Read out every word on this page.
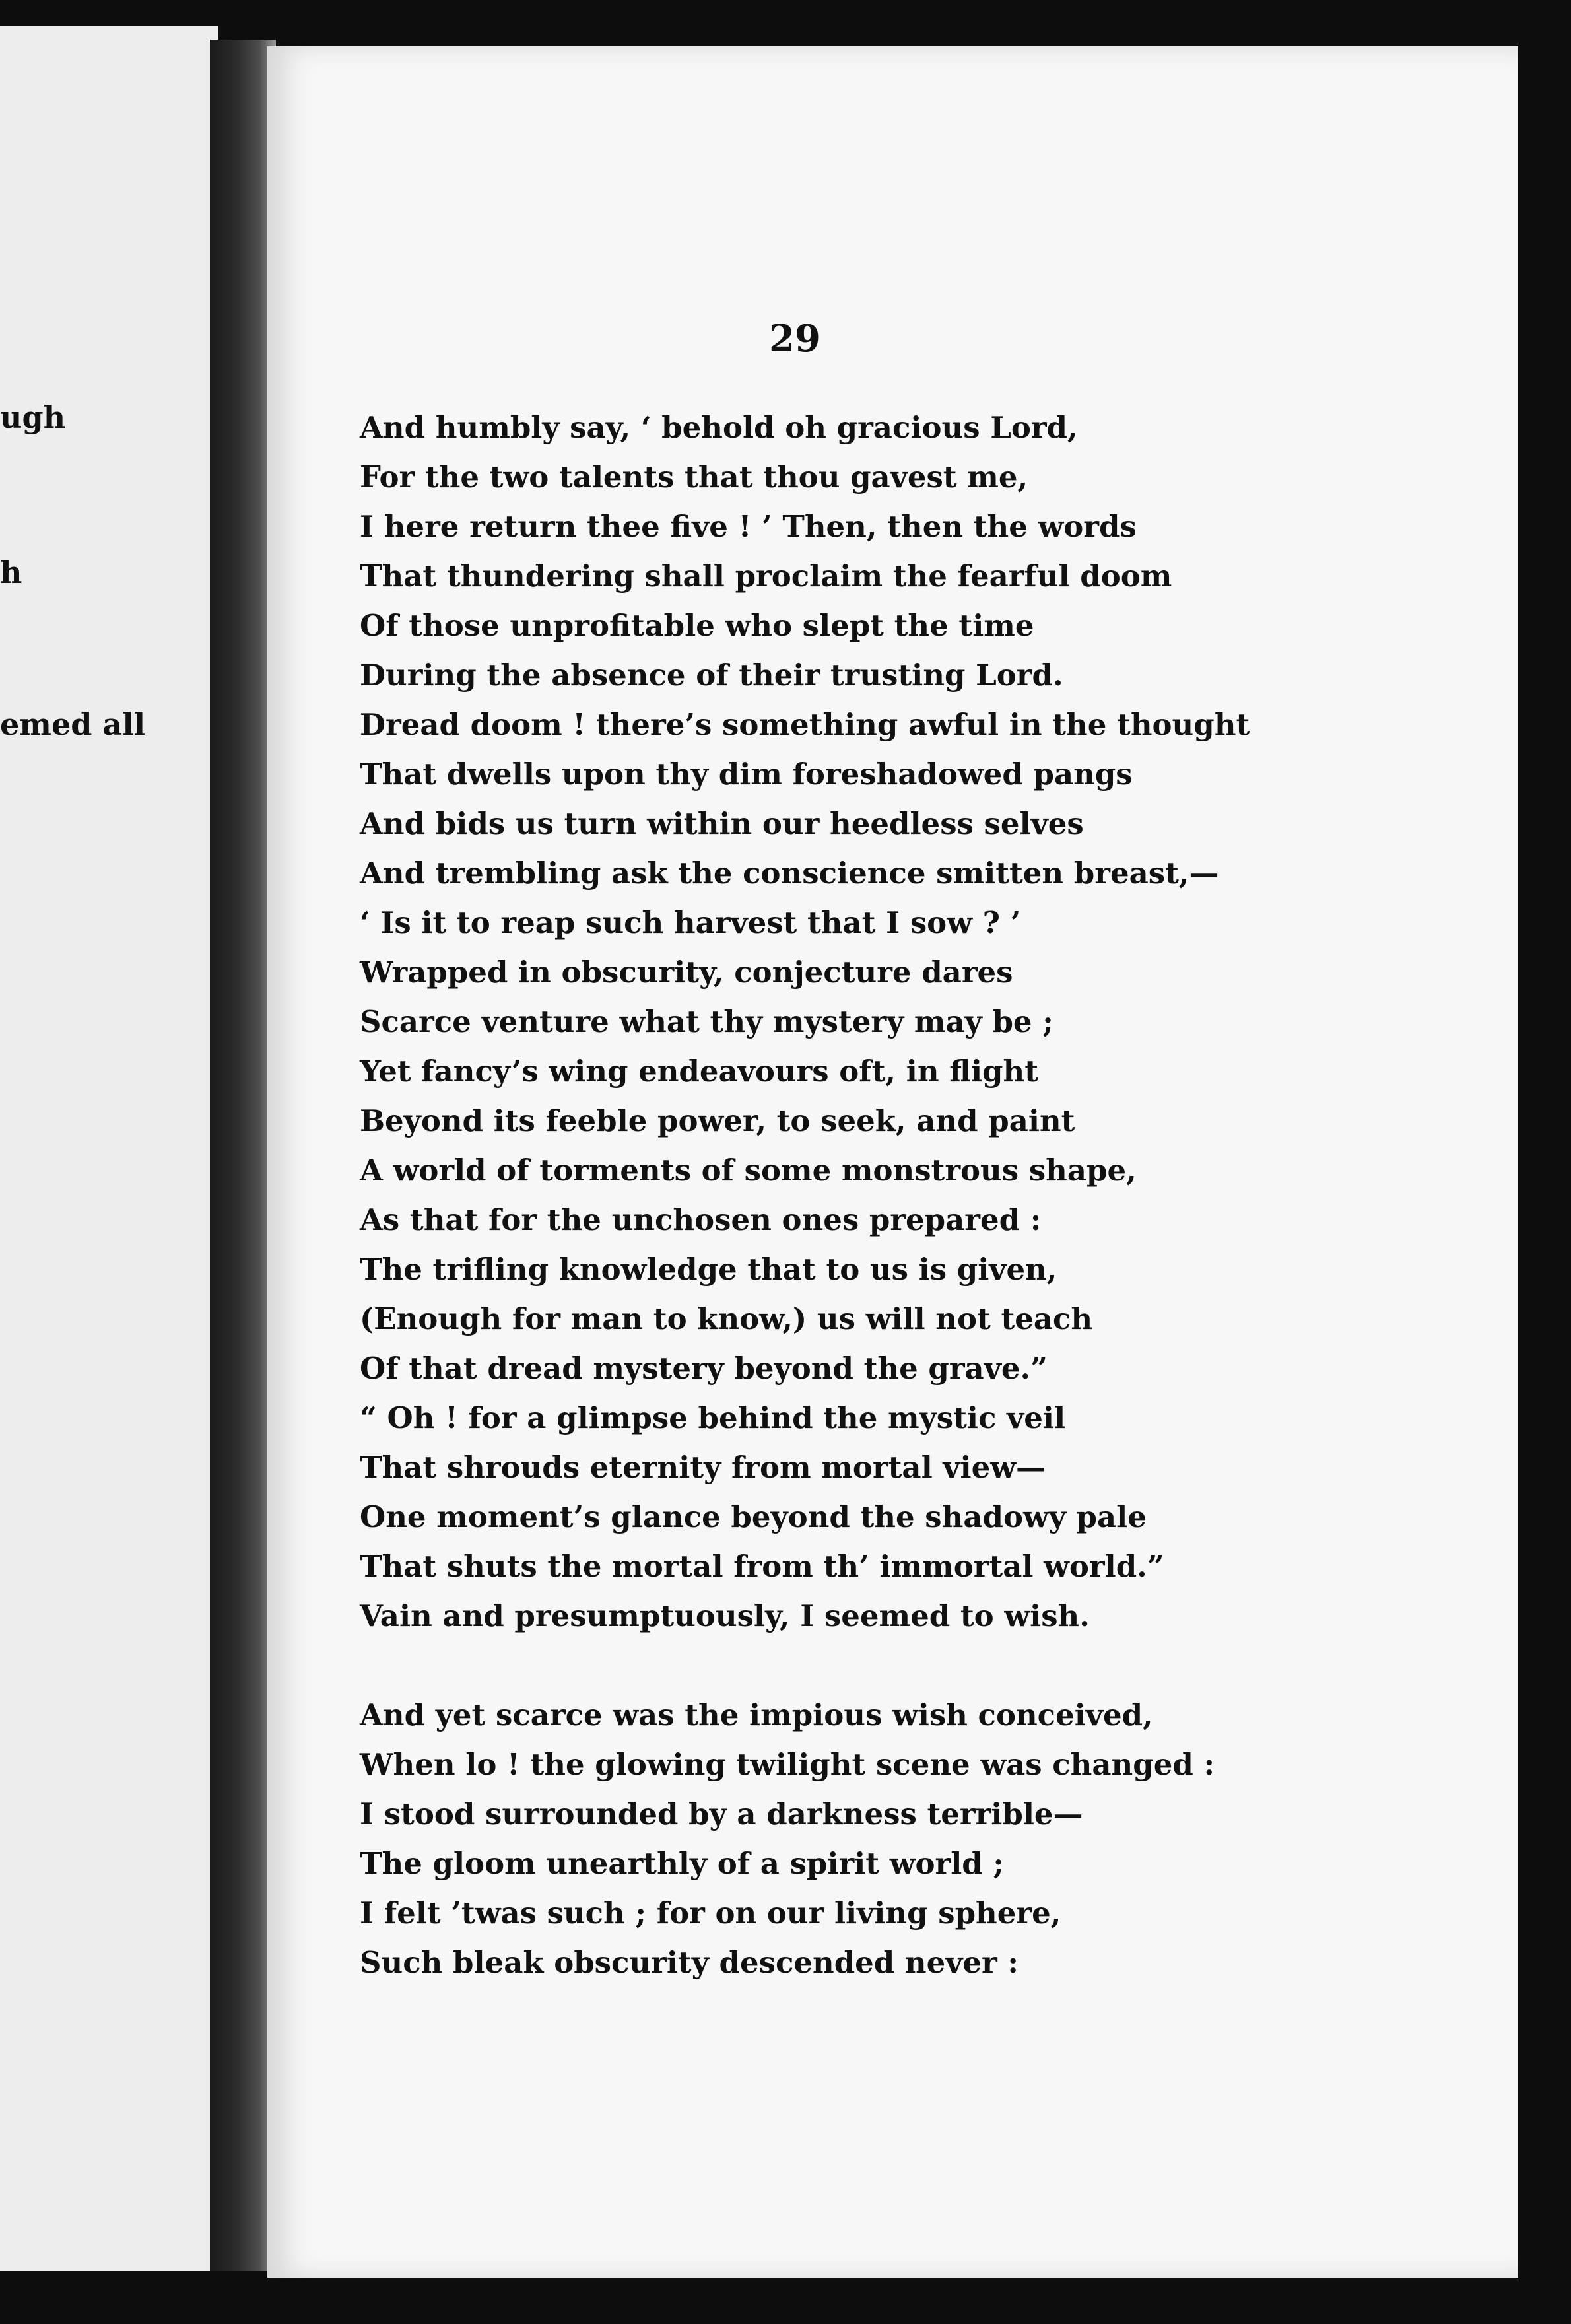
ugh
h
emed all
29
And humbly say, ‘ behold oh gracious Lord,
For the two talents that thou gavest me,
I here return thee five ! ’ Then, then the words
That thundering shall proclaim the fearful doom
Of those unprofitable who slept the time
During the absence of their trusting Lord.
Dread doom ! there’s something awful in the thought
That dwells upon thy dim foreshadowed pangs
And bids us turn within our heedless selves
And trembling ask the conscience smitten breast,—
‘ Is it to reap such harvest that I sow ? ’
Wrapped in obscurity, conjecture dares
Scarce venture what thy mystery may be ;
Yet fancy’s wing endeavours oft, in flight
Beyond its feeble power, to seek, and paint
A world of torments of some monstrous shape,
As that for the unchosen ones prepared :
The trifling knowledge that to us is given,
(Enough for man to know,) us will not teach
Of that dread mystery beyond the grave.”
“ Oh ! for a glimpse behind the mystic veil
That shrouds eternity from mortal view—
One moment’s glance beyond the shadowy pale
That shuts the mortal from th’ immortal world.”
Vain and presumptuously, I seemed to wish.
And yet scarce was the impious wish conceived,
When lo ! the glowing twilight scene was changed :
I stood surrounded by a darkness terrible—
The gloom unearthly of a spirit world ;
I felt ’twas such ; for on our living sphere,
Such bleak obscurity descended never :
